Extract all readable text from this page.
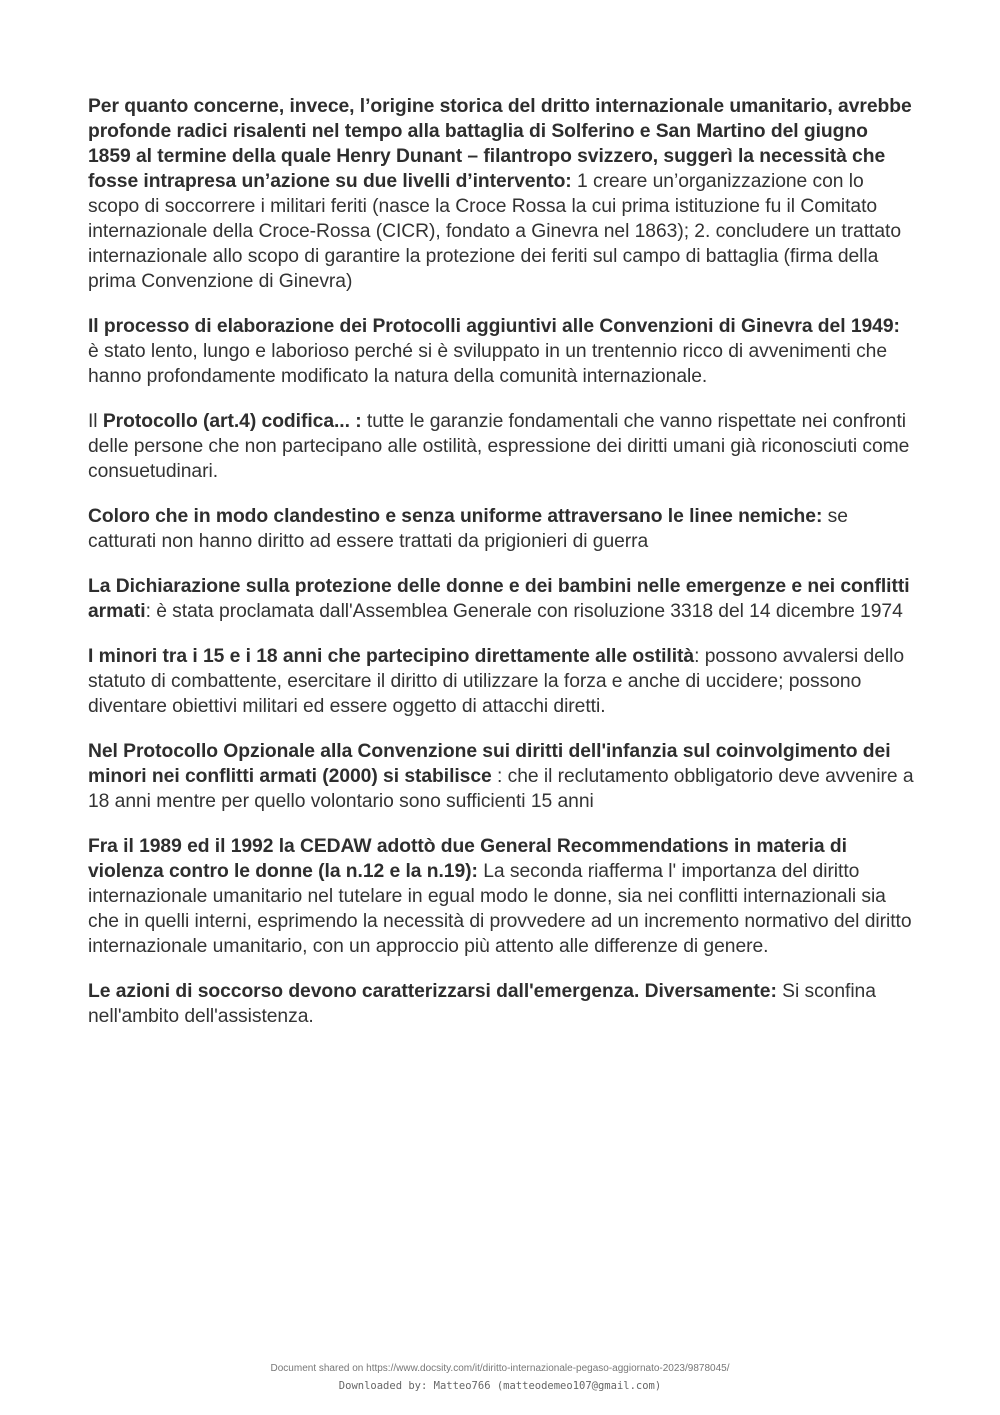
Per quanto concerne, invece, l’origine storica del dritto internazionale umanitario, avrebbe profonde radici risalenti nel tempo alla battaglia di Solferino e San Martino del giugno 1859 al termine della quale Henry Dunant – filantropo svizzero, suggerì la necessità che fosse intrapresa un’azione su due livelli d’intervento: 1 creare un’organizzazione con lo scopo di soccorrere i militari feriti (nasce la Croce Rossa la cui prima istituzione fu il Comitato internazionale della Croce-Rossa (CICR), fondato a Ginevra nel 1863); 2. concludere un trattato internazionale allo scopo di garantire la protezione dei feriti sul campo di battaglia (firma della prima Convenzione di Ginevra)

Il processo di elaborazione dei Protocolli aggiuntivi alle Convenzioni di Ginevra del 1949: è stato lento, lungo e laborioso perché si è sviluppato in un trentennio ricco di avvenimenti che hanno profondamente modificato la natura della comunità internazionale.

Il Protocollo (art.4) codifica... : tutte le garanzie fondamentali che vanno rispettate nei confronti delle persone che non partecipano alle ostilità, espressione dei diritti umani già riconosciuti come consuetudinari.

Coloro che in modo clandestino e senza uniforme attraversano le linee nemiche: se catturati non hanno diritto ad essere trattati da prigionieri di guerra

La Dichiarazione sulla protezione delle donne e dei bambini nelle emergenze e nei conflitti armati: è stata proclamata dall'Assemblea Generale con risoluzione 3318 del 14 dicembre 1974

I minori tra i 15 e i 18 anni che partecipino direttamente alle ostilità: possono avvalersi dello statuto di combattente, esercitare il diritto di utilizzare la forza e anche di uccidere; possono diventare obiettivi militari ed essere oggetto di attacchi diretti.

Nel Protocollo Opzionale alla Convenzione sui diritti dell'infanzia sul coinvolgimento dei minori nei conflitti armati (2000) si stabilisce : che il reclutamento obbligatorio deve avvenire a 18 anni mentre per quello volontario sono sufficienti 15 anni

Fra il 1989 ed il 1992 la CEDAW adottò due General Recommendations in materia di violenza contro le donne (la n.12 e la n.19): La seconda riafferma l' importanza del diritto internazionale umanitario nel tutelare in egual modo le donne, sia nei conflitti internazionali sia che in quelli interni, esprimendo la necessità di provvedere ad un incremento normativo del diritto internazionale umanitario, con un approccio più attento alle differenze di genere.

Le azioni di soccorso devono caratterizzarsi dall'emergenza. Diversamente: Si sconfina nell'ambito dell'assistenza.

Document shared on https://www.docsity.com/it/diritto-internazionale-pegaso-aggiornato-2023/9878045/
Downloaded by: Matteo766 (matteodemeo107@gmail.com)
